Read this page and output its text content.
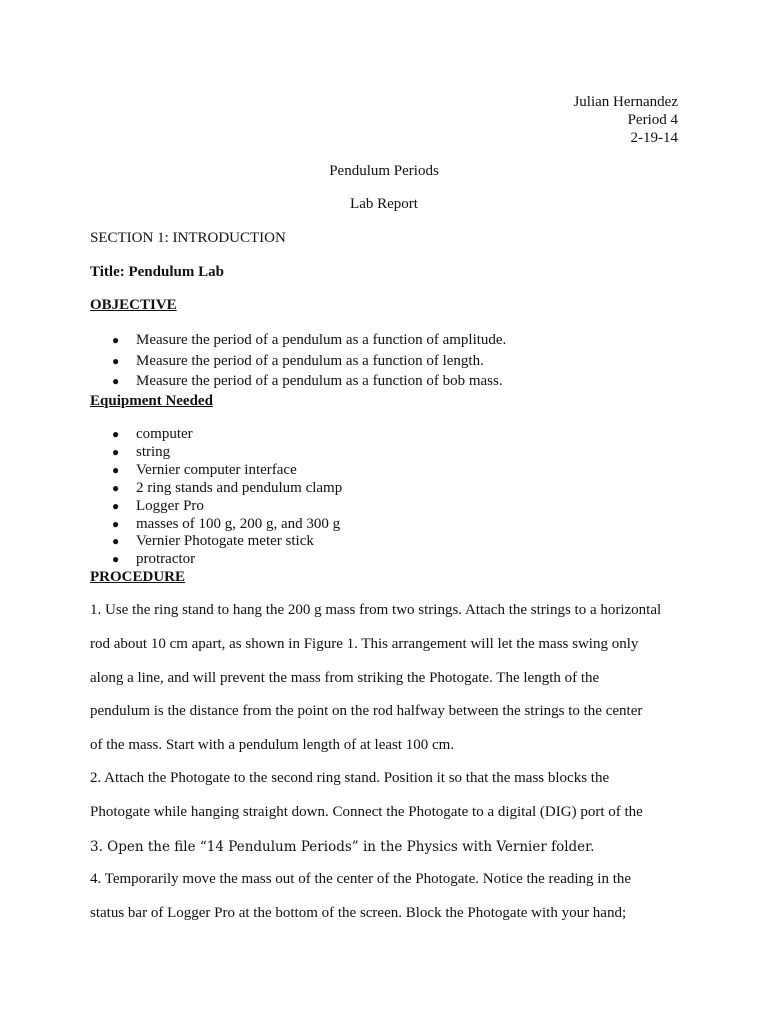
Julian Hernandez
Period 4
2-19-14
Pendulum Periods
Lab Report
SECTION 1: INTRODUCTION
Title: Pendulum Lab
OBJECTIVE
● Measure the period of a pendulum as a function of amplitude.
● Measure the period of a pendulum as a function of length.
● Measure the period of a pendulum as a function of bob mass.
Equipment Needed
● computer
● string
● Vernier computer interface
● 2 ring stands and pendulum clamp
● Logger Pro
● masses of 100 g, 200 g, and 300 g
● Vernier Photogate meter stick
● protractor
PROCEDURE
1. Use the ring stand to hang the 200 g mass from two strings. Attach the strings to a horizontal
rod about 10 cm apart, as shown in Figure 1. This arrangement will let the mass swing only
along a line, and will prevent the mass from striking the Photogate. The length of the
pendulum is the distance from the point on the rod halfway between the strings to the center
of the mass. Start with a pendulum length of at least 100 cm.
2. Attach the Photogate to the second ring stand. Position it so that the mass blocks the
Photogate while hanging straight down. Connect the Photogate to a digital (DIG) port of the
3. Open the file “14 Pendulum Periods” in the Physics with Vernier folder.
4. Temporarily move the mass out of the center of the Photogate. Notice the reading in the
status bar of Logger Pro at the bottom of the screen. Block the Photogate with your hand;
